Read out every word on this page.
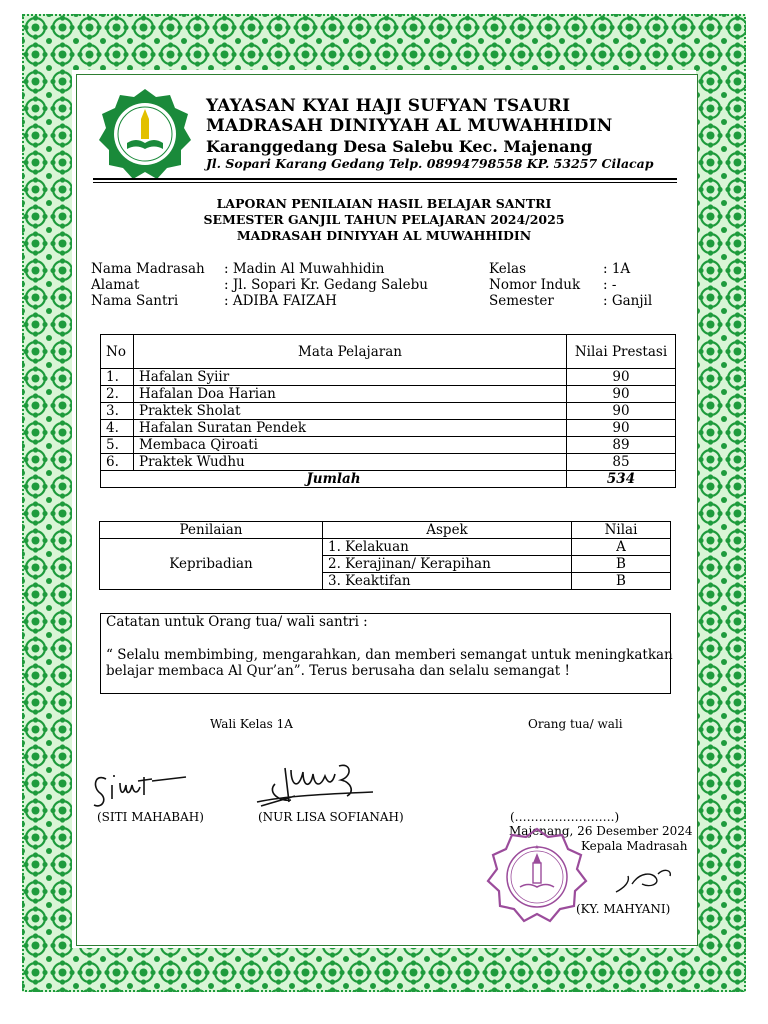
YAYASAN KYAI HAJI SUFYAN TSAURI
MADRASAH DINIYYAH AL MUWAHHIDIN
Karanggedang Desa Salebu Kec. Majenang
Jl. Sopari Karang Gedang Telp. 08994798558 KP. 53257 Cilacap
LAPORAN PENILAIAN HASIL BELAJAR SANTRI
SEMESTER GANJIL TAHUN PELAJARAN 2024/2025
MADRASAH DINIYYAH AL MUWAHHIDIN
Nama Madrasah : Madin Al Muwahhidin
Alamat	: Jl. Sopari Kr. Gedang Salebu
Nama Santri	: ADIBA FAIZAH
Kelas	: 1A
Nomor Induk : -
Semester	: Ganjil
No	Mata Pelajaran	Nilai Prestasi
1.	Hafalan Syiir	90
2.	Hafalan Doa Harian	90
3.	Praktek Sholat	90
4.	Hafalan Suratan Pendek	90
5.	Membaca Qiroati	89
6.	Praktek Wudhu	85
Jumlah		534
Penilaian	Aspek	Nilai
Kepribadian	1. Kelakuan	A
	2. Kerajinan/ Kerapihan	B
	3. Keaktifan	B
Catatan untuk Orang tua/ wali santri :
“ Selalu membimbing, mengarahkan, dan memberi semangat untuk meningkatkan
belajar membaca Al Qur’an”. Terus berusaha dan selalu semangat !
Wali Kelas 1A	Orang tua/ wali
(SITI MAHABAH)	(NUR LISA SOFIANAH)	(…………………….)
Majenang, 26 Desember 2024
Kepala Madrasah
★
(KY. MAHYANI)
